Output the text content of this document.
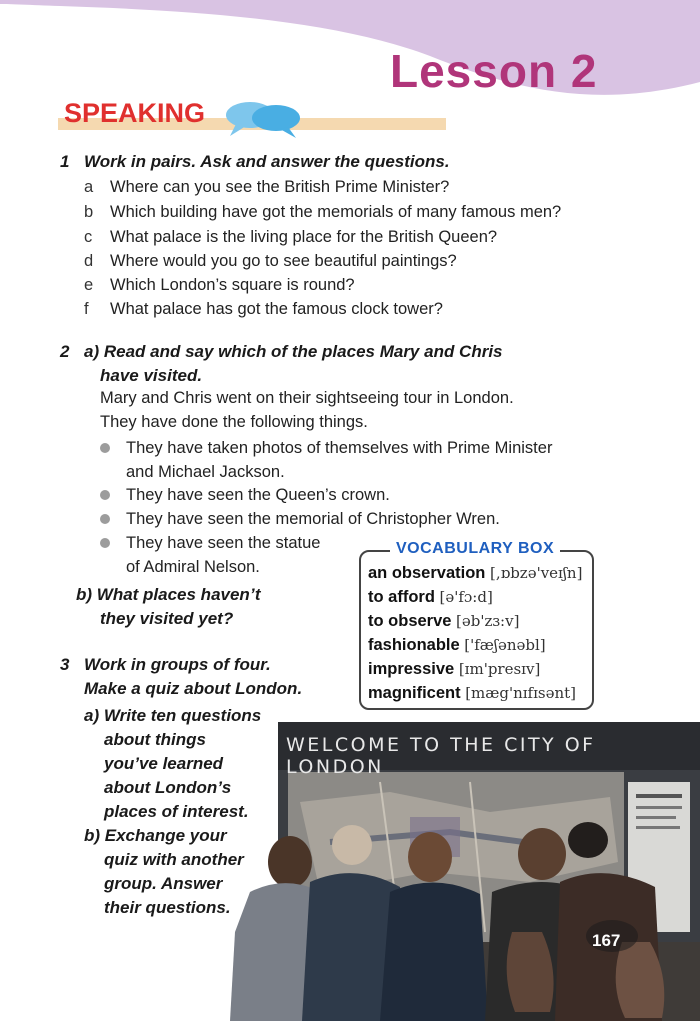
Lesson 2
SPEAKING
1 Work in pairs. Ask and answer the questions.
a Where can you see the British Prime Minister?
b Which building have got the memorials of many famous men?
c What palace is the living place for the British Queen?
d Where would you go to see beautiful paintings?
e Which London’s square is round?
f What palace has got the famous clock tower?
2 a) Read and say which of the places Mary and Chris
have visited.
Mary and Chris went on their sightseeing tour in London.
They have done the following things.
They have taken photos of themselves with Prime Minister
and Michael Jackson.
They have seen the Queen’s crown.
They have seen the memorial of Christopher Wren.
They have seen the statue
of Admiral Nelson.
b) What places haven’t
they visited yet?
VOCABULARY BOX
an observation [,ɒbzə'veɪʃn]
to afford [ə'fɔ:d]
to observe [əb'zɜ:v]
fashionable ['fæʃənəbl]
impressive [ɪm'presɪv]
magnificent [mæg'nɪfɪsənt]
3 Work in groups of four.
Make a quiz about London.
a) Write ten questions
about things
you’ve learned
about London’s
places of interest.
b) Exchange your
quiz with another
group. Answer
their questions.
WELCOME TO THE CITY OF LONDON
167
